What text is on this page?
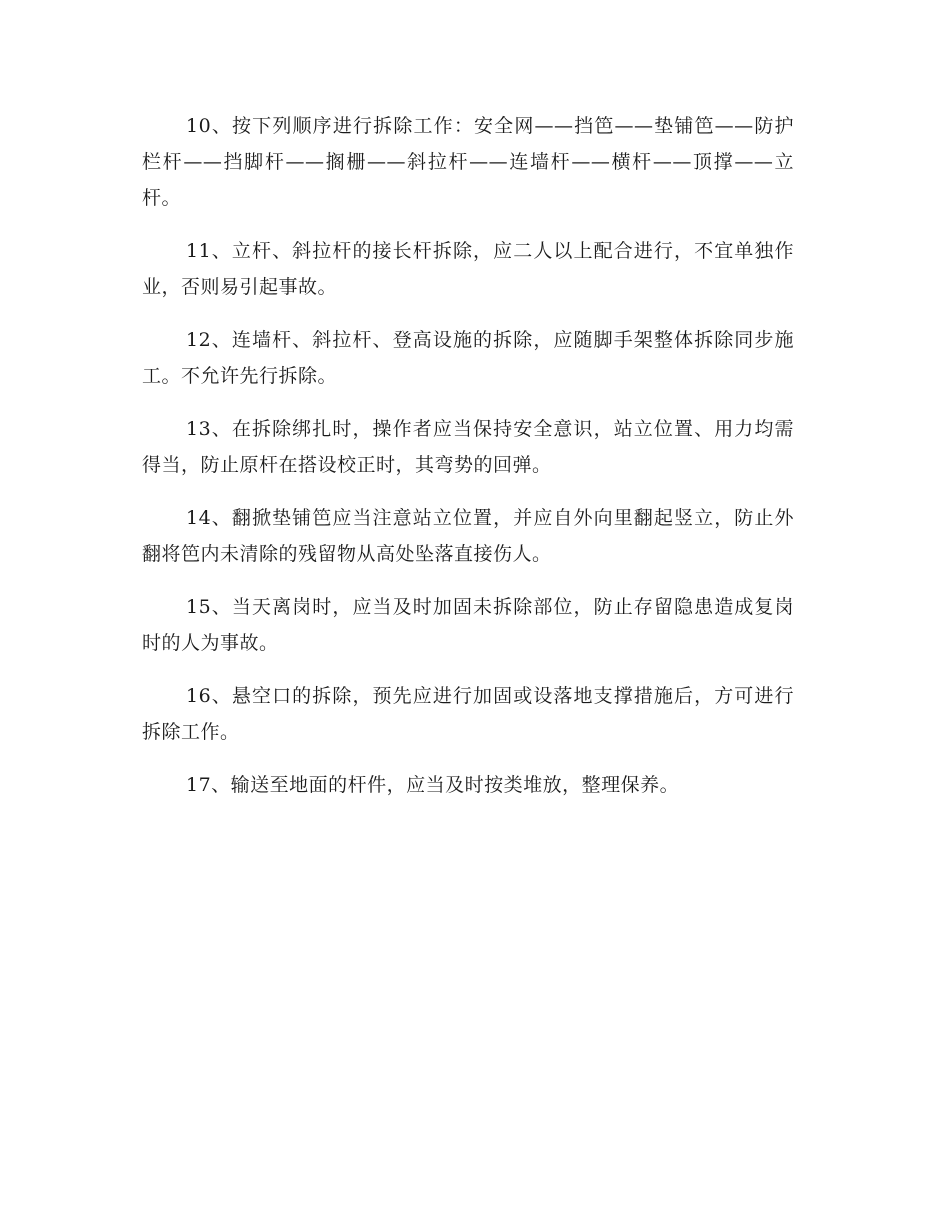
10、按下列顺序进行拆除工作：安全网——挡笆——垫铺笆——防护栏杆——挡脚杆——搁栅——斜拉杆——连墙杆——横杆——顶撑——立杆。

11、立杆、斜拉杆的接长杆拆除，应二人以上配合进行，不宜单独作业，否则易引起事故。

12、连墙杆、斜拉杆、登高设施的拆除，应随脚手架整体拆除同步施工。不允许先行拆除。

13、在拆除绑扎时，操作者应当保持安全意识，站立位置、用力均需得当，防止原杆在搭设校正时，其弯势的回弹。

14、翻掀垫铺笆应当注意站立位置，并应自外向里翻起竖立，防止外翻将笆内未清除的残留物从高处坠落直接伤人。

15、当天离岗时，应当及时加固未拆除部位，防止存留隐患造成复岗时的人为事故。

16、悬空口的拆除，预先应进行加固或设落地支撑措施后，方可进行拆除工作。

17、输送至地面的杆件，应当及时按类堆放，整理保养。
